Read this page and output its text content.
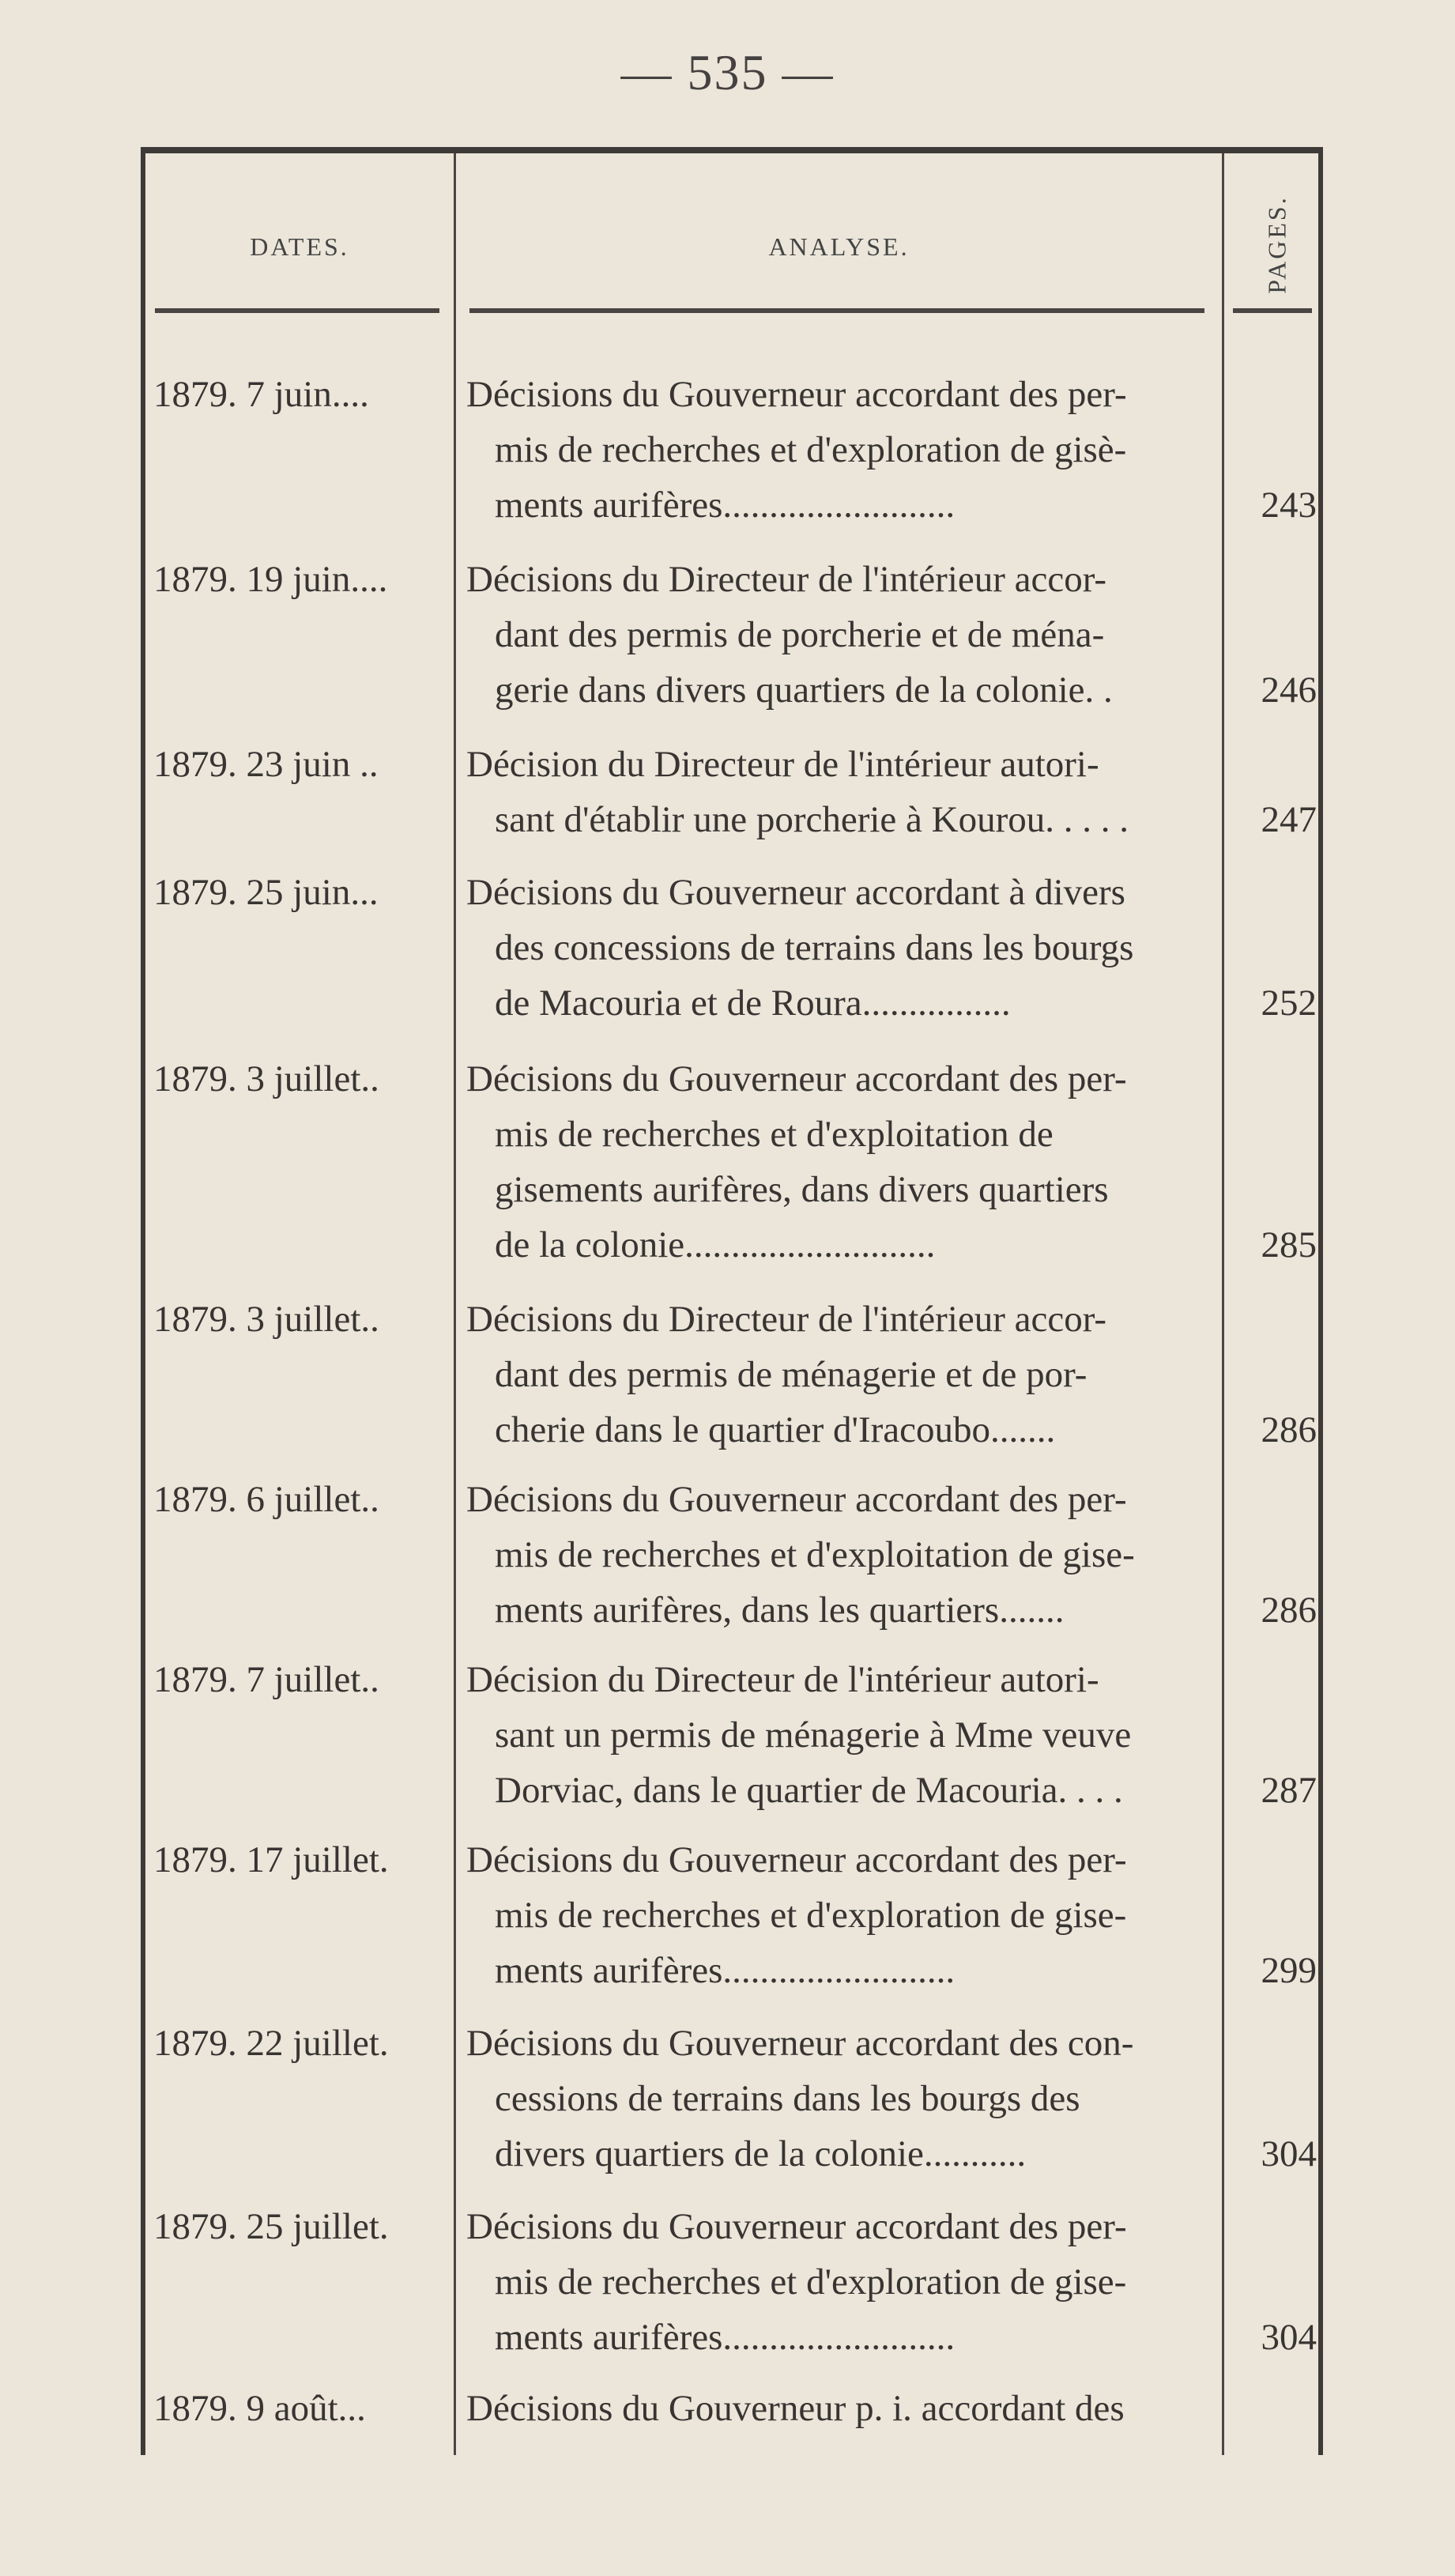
— 535 —
DATES.	ANALYSE.	PAGES.
1879. 7 juin....	Décisions du Gouverneur accordant des per-
mis de recherches et d'exploration de gisè-
ments aurifères.........................	243
1879. 19 juin....	Décisions du Directeur de l'intérieur accor-
dant des permis de porcherie et de ména-
gerie dans divers quartiers de la colonie. .	246
1879. 23 juin ..	Décision du Directeur de l'intérieur autori-
sant d'établir une porcherie à Kourou. . . . .	247
1879. 25 juin...	Décisions du Gouverneur accordant à divers
des concessions de terrains dans les bourgs
de Macouria et de Roura................	252
1879. 3 juillet..	Décisions du Gouverneur accordant des per-
mis de recherches et d'exploitation de
gisements aurifères, dans divers quartiers
de la colonie...........................	285
1879. 3 juillet..	Décisions du Directeur de l'intérieur accor-
dant des permis de ménagerie et de por-
cherie dans le quartier d'Iracoubo.......	286
1879. 6 juillet..	Décisions du Gouverneur accordant des per-
mis de recherches et d'exploitation de gise-
ments aurifères, dans les quartiers.......	286
1879. 7 juillet..	Décision du Directeur de l'intérieur autori-
sant un permis de ménagerie à Mme veuve
Dorviac, dans le quartier de Macouria. . . .	287
1879. 17 juillet.	Décisions du Gouverneur accordant des per-
mis de recherches et d'exploration de gise-
ments aurifères.........................	299
1879. 22 juillet.	Décisions du Gouverneur accordant des con-
cessions de terrains dans les bourgs des
divers quartiers de la colonie...........	304
1879. 25 juillet.	Décisions du Gouverneur accordant des per-
mis de recherches et d'exploration de gise-
ments aurifères.........................	304
1879. 9 août...	Décisions du Gouverneur p. i. accordant des
